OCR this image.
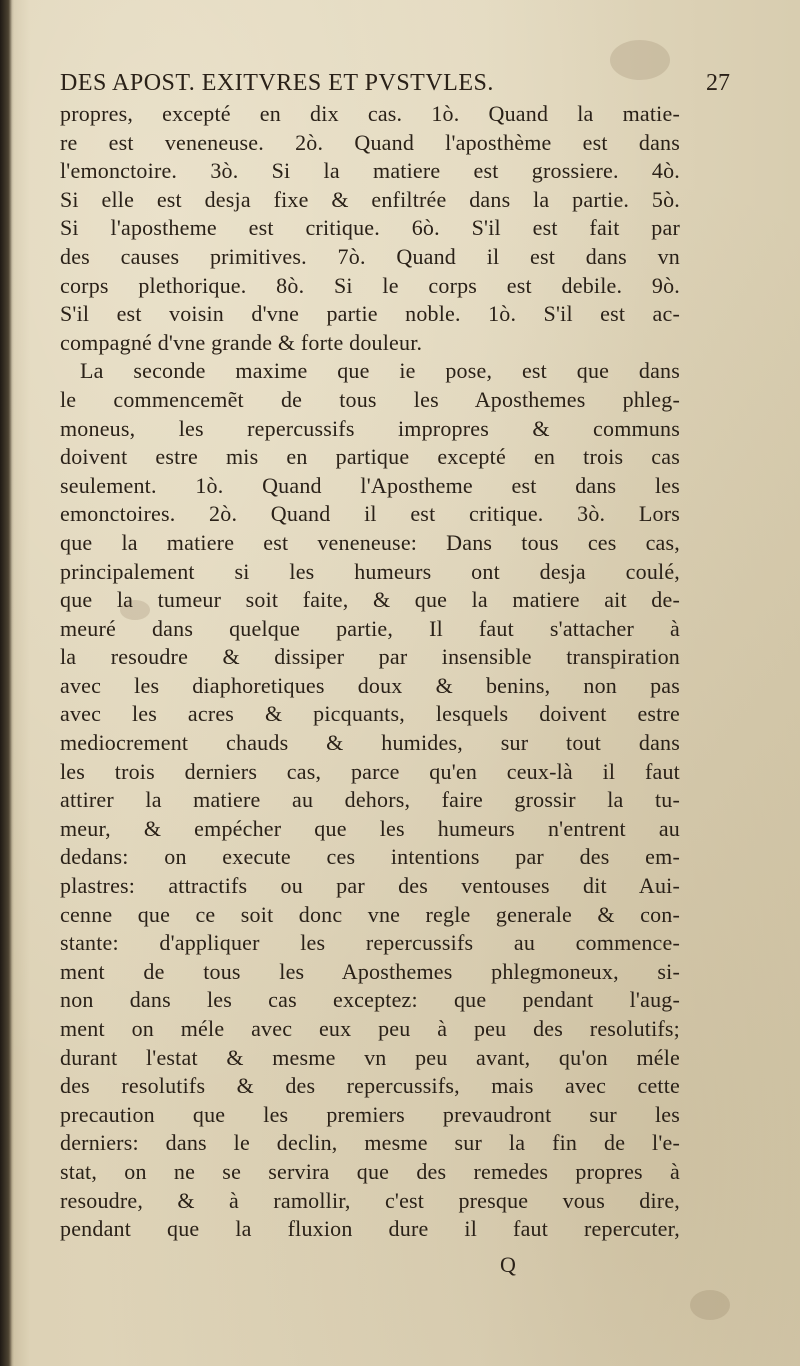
DES APOST. EXITVRES ET PVSTVLES.	27
propres, excepté en dix cas. 1ò. Quand la matie-
re est veneneuse. 2ò. Quand l'aposthème est dans
l'emonctoire. 3ò. Si la matiere est grossiere. 4ò.
Si elle est desja fixe & enfiltrée dans la partie. 5ò.
Si l'apostheme est critique. 6ò. S'il est fait par
des causes primitives. 7ò. Quand il est dans vn
corps plethorique. 8ò. Si le corps est debile. 9ò.
S'il est voisin d'vne partie noble. 1ò. S'il est ac-
compagné d'vne grande & forte douleur.
La seconde maxime que ie pose, est que dans
le commencemẽt de tous les Aposthemes phleg-
moneus, les repercussifs impropres & communs
doivent estre mis en partique excepté en trois cas
seulement. 1ò. Quand l'Apostheme est dans les
emonctoires. 2ò. Quand il est critique. 3ò. Lors
que la matiere est veneneuse: Dans tous ces cas,
principalement si les humeurs ont desja coulé,
que la tumeur soit faite, & que la matiere ait de-
meuré dans quelque partie, Il faut s'attacher à
la resoudre & dissiper par insensible transpiration
avec les diaphoretiques doux & benins, non pas
avec les acres & picquants, lesquels doivent estre
mediocrement chauds & humides, sur tout dans
les trois derniers cas, parce qu'en ceux-là il faut
attirer la matiere au dehors, faire grossir la tu-
meur, & empécher que les humeurs n'entrent au
dedans: on execute ces intentions par des em-
plastres: attractifs ou par des ventouses dit Aui-
cenne que ce soit donc vne regle generale & con-
stante: d'appliquer les repercussifs au commence-
ment de tous les Aposthemes phlegmoneux, si-
non dans les cas exceptez: que pendant l'aug-
ment on méle avec eux peu à peu des resolutifs;
durant l'estat & mesme vn peu avant, qu'on méle
des resolutifs & des repercussifs, mais avec cette
precaution que les premiers prevaudront sur les
derniers: dans le declin, mesme sur la fin de l'e-
stat, on ne se servira que des remedes propres à
resoudre, & à ramollir, c'est presque vous dire,
pendant que la fluxion dure il faut repercuter,
Q
